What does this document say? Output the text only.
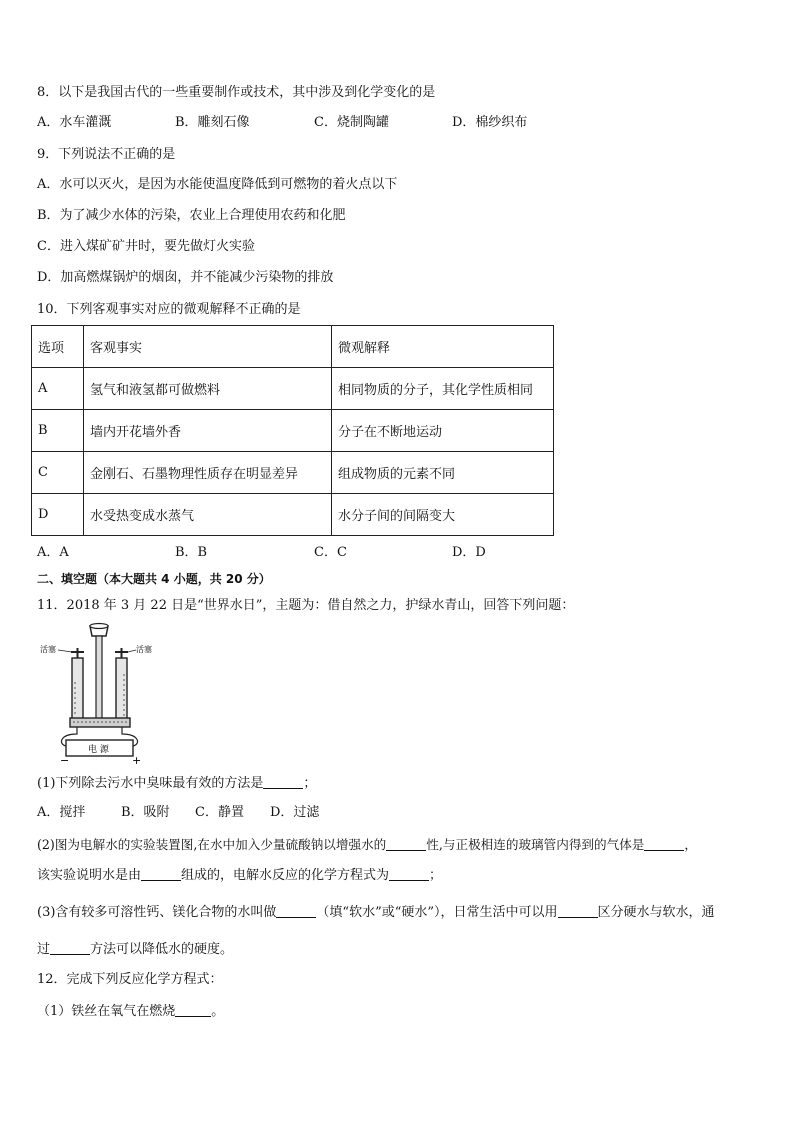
8．以下是我国古代的一些重要制作或技术，其中涉及到化学变化的是
A．水车灌溉	B．雕刻石像	C．烧制陶罐	D．棉纱织布
9．下列说法不正确的是
A．水可以灭火，是因为水能使温度降低到可燃物的着火点以下
B．为了减少水体的污染，农业上合理使用农药和化肥
C．进入煤矿矿井时，要先做灯火实验
D．加高燃煤锅炉的烟囱，并不能减少污染物的排放
10．下列客观事实对应的微观解释不正确的是
选项	客观事实	微观解释
A	氢气和液氢都可做燃料	相同物质的分子，其化学性质相同
B	墙内开花墙外香	分子在不断地运动
C	金刚石、石墨物理性质存在明显差异	组成物质的元素不同
D	水受热变成水蒸气	水分子间的间隔变大
A．A	B．B	C．C	D．D
二、填空题（本大题共 4 小题，共 20 分）
11．2018 年 3 月 22 日是“世界水日”，主题为：借自然之力，护绿水青山，回答下列问题：
活塞	活塞
电 源
−	+
(1)下列除去污水中臭味最有效的方法是	；
A．搅拌	B．吸附 C．静置 D．过滤
(2)图为电解水的实验装置图,在水中加入少量硫酸钠以增强水的	性,与正极相连的玻璃管内得到的气体是	，
该实验说明水是由	组成的，电解水反应的化学方程式为	；
(3)含有较多可溶性钙、镁化合物的水叫做	（填“软水”或“硬水”），日常生活中可以用	区分硬水与软水，通
过	方法可以降低水的硬度。
12．完成下列反应化学方程式：
（1）铁丝在氧气在燃烧	。
